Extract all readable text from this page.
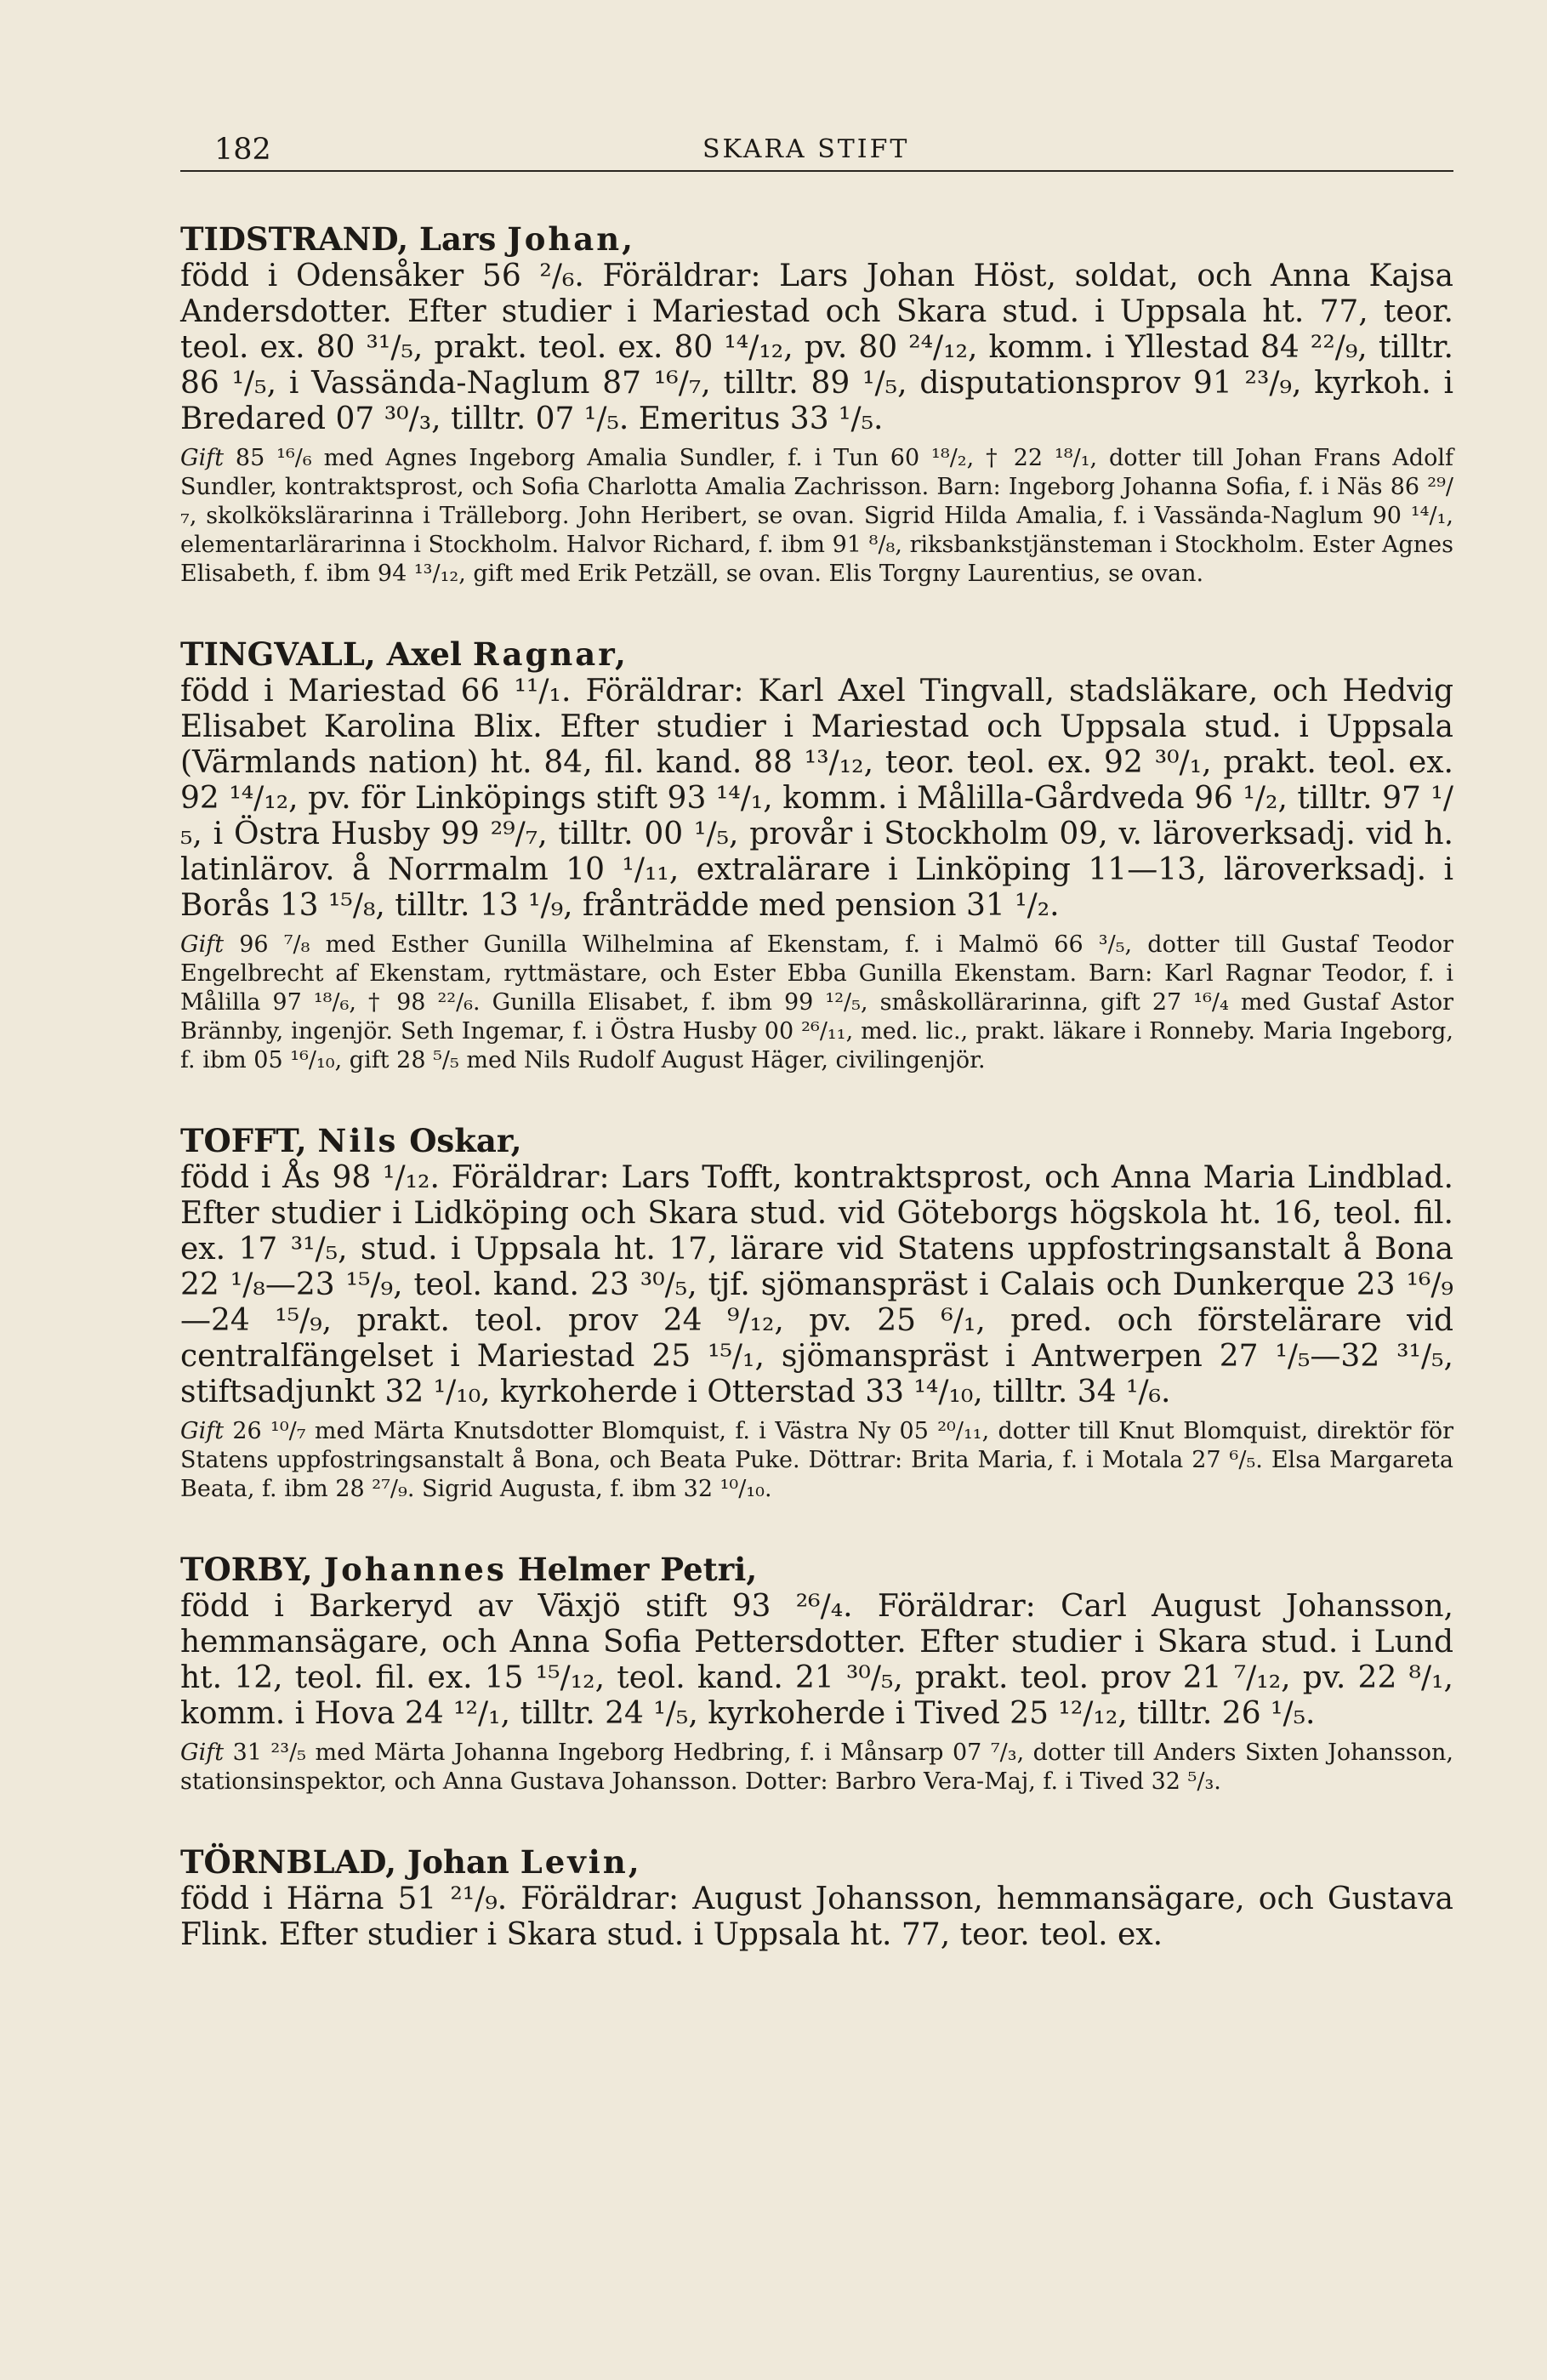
182	SKARA STIFT

TIDSTRAND, Lars Johan,
född i Odensåker 56 ²/₆. Föräldrar: Lars Johan Höst, soldat, och Anna Kajsa Andersdotter. Efter studier i Mariestad och Skara stud. i Uppsala ht. 77, teor. teol. ex. 80 ³¹/₅, prakt. teol. ex. 80 ¹⁴/₁₂, pv. 80 ²⁴/₁₂, komm. i Yllestad 84 ²²/₉, tilltr. 86 ¹/₅, i Vassända-Naglum 87 ¹⁶/₇, tilltr. 89 ¹/₅, disputationsprov 91 ²³/₉, kyrkoh. i Bredared 07 ³⁰/₃, tilltr. 07 ¹/₅. Emeritus 33 ¹/₅.

Gift 85 ¹⁶/₆ med Agnes Ingeborg Amalia Sundler, f. i Tun 60 ¹⁸/₂, † 22 ¹⁸/₁, dotter till Johan Frans Adolf Sundler, kontraktsprost, och Sofia Charlotta Amalia Zachrisson. Barn: Ingeborg Johanna Sofia, f. i Näs 86 ²⁹/₇, skolkökslärarinna i Trälleborg. John Heribert, se ovan. Sigrid Hilda Amalia, f. i Vassända-Naglum 90 ¹⁴/₁, elementarlärarinna i Stockholm. Halvor Richard, f. ibm 91 ⁸/₈, riksbankstjänsteman i Stockholm. Ester Agnes Elisabeth, f. ibm 94 ¹³/₁₂, gift med Erik Petzäll, se ovan. Elis Torgny Laurentius, se ovan.

TINGVALL, Axel Ragnar,
född i Mariestad 66 ¹¹/₁. Föräldrar: Karl Axel Tingvall, stadsläkare, och Hedvig Elisabet Karolina Blix. Efter studier i Mariestad och Uppsala stud. i Uppsala (Värmlands nation) ht. 84, fil. kand. 88 ¹³/₁₂, teor. teol. ex. 92 ³⁰/₁, prakt. teol. ex. 92 ¹⁴/₁₂, pv. för Linköpings stift 93 ¹⁴/₁, komm. i Målilla-Gårdveda 96 ¹/₂, tilltr. 97 ¹/₅, i Östra Husby 99 ²⁹/₇, tilltr. 00 ¹/₅, provår i Stockholm 09, v. läroverksadj. vid h. latinlärov. å Norrmalm 10 ¹/₁₁, extralärare i Linköping 11—13, läroverksadj. i Borås 13 ¹⁵/₈, tilltr. 13 ¹/₉, frånträdde med pension 31 ¹/₂.

Gift 96 ⁷/₈ med Esther Gunilla Wilhelmina af Ekenstam, f. i Malmö 66 ³/₅, dotter till Gustaf Teodor Engelbrecht af Ekenstam, ryttmästare, och Ester Ebba Gunilla Ekenstam. Barn: Karl Ragnar Teodor, f. i Målilla 97 ¹⁸/₆, † 98 ²²/₆. Gunilla Elisabet, f. ibm 99 ¹²/₅, småskollärarinna, gift 27 ¹⁶/₄ med Gustaf Astor Brännby, ingenjör. Seth Ingemar, f. i Östra Husby 00 ²⁶/₁₁, med. lic., prakt. läkare i Ronneby. Maria Ingeborg, f. ibm 05 ¹⁶/₁₀, gift 28 ⁵/₅ med Nils Rudolf August Häger, civilingenjör.

TOFFT, Nils Oskar,
född i Ås 98 ¹/₁₂. Föräldrar: Lars Tofft, kontraktsprost, och Anna Maria Lindblad. Efter studier i Lidköping och Skara stud. vid Göteborgs högskola ht. 16, teol. fil. ex. 17 ³¹/₅, stud. i Uppsala ht. 17, lärare vid Statens uppfostringsanstalt å Bona 22 ¹/₈—23 ¹⁵/₉, teol. kand. 23 ³⁰/₅, tjf. sjömanspräst i Calais och Dunkerque 23 ¹⁶/₉—24 ¹⁵/₉, prakt. teol. prov 24 ⁹/₁₂, pv. 25 ⁶/₁, pred. och förstelärare vid centralfängelset i Mariestad 25 ¹⁵/₁, sjömanspräst i Antwerpen 27 ¹/₅—32 ³¹/₅, stiftsadjunkt 32 ¹/₁₀, kyrkoherde i Otterstad 33 ¹⁴/₁₀, tilltr. 34 ¹/₆.

Gift 26 ¹⁰/₇ med Märta Knutsdotter Blomquist, f. i Västra Ny 05 ²⁰/₁₁, dotter till Knut Blomquist, direktör för Statens uppfostringsanstalt å Bona, och Beata Puke. Döttrar: Brita Maria, f. i Motala 27 ⁶/₅. Elsa Margareta Beata, f. ibm 28 ²⁷/₉. Sigrid Augusta, f. ibm 32 ¹⁰/₁₀.

TORBY, Johannes Helmer Petri,
född i Barkeryd av Växjö stift 93 ²⁶/₄. Föräldrar: Carl August Johansson, hemmansägare, och Anna Sofia Pettersdotter. Efter studier i Skara stud. i Lund ht. 12, teol. fil. ex. 15 ¹⁵/₁₂, teol. kand. 21 ³⁰/₅, prakt. teol. prov 21 ⁷/₁₂, pv. 22 ⁸/₁, komm. i Hova 24 ¹²/₁, tilltr. 24 ¹/₅, kyrkoherde i Tived 25 ¹²/₁₂, tilltr. 26 ¹/₅.

Gift 31 ²³/₅ med Märta Johanna Ingeborg Hedbring, f. i Månsarp 07 ⁷/₃, dotter till Anders Sixten Johansson, stationsinspektor, och Anna Gustava Johansson. Dotter: Barbro Vera-Maj, f. i Tived 32 ⁵/₃.

TÖRNBLAD, Johan Levin,
född i Härna 51 ²¹/₉. Föräldrar: August Johansson, hemmansägare, och Gustava Flink. Efter studier i Skara stud. i Uppsala ht. 77, teor. teol. ex.
